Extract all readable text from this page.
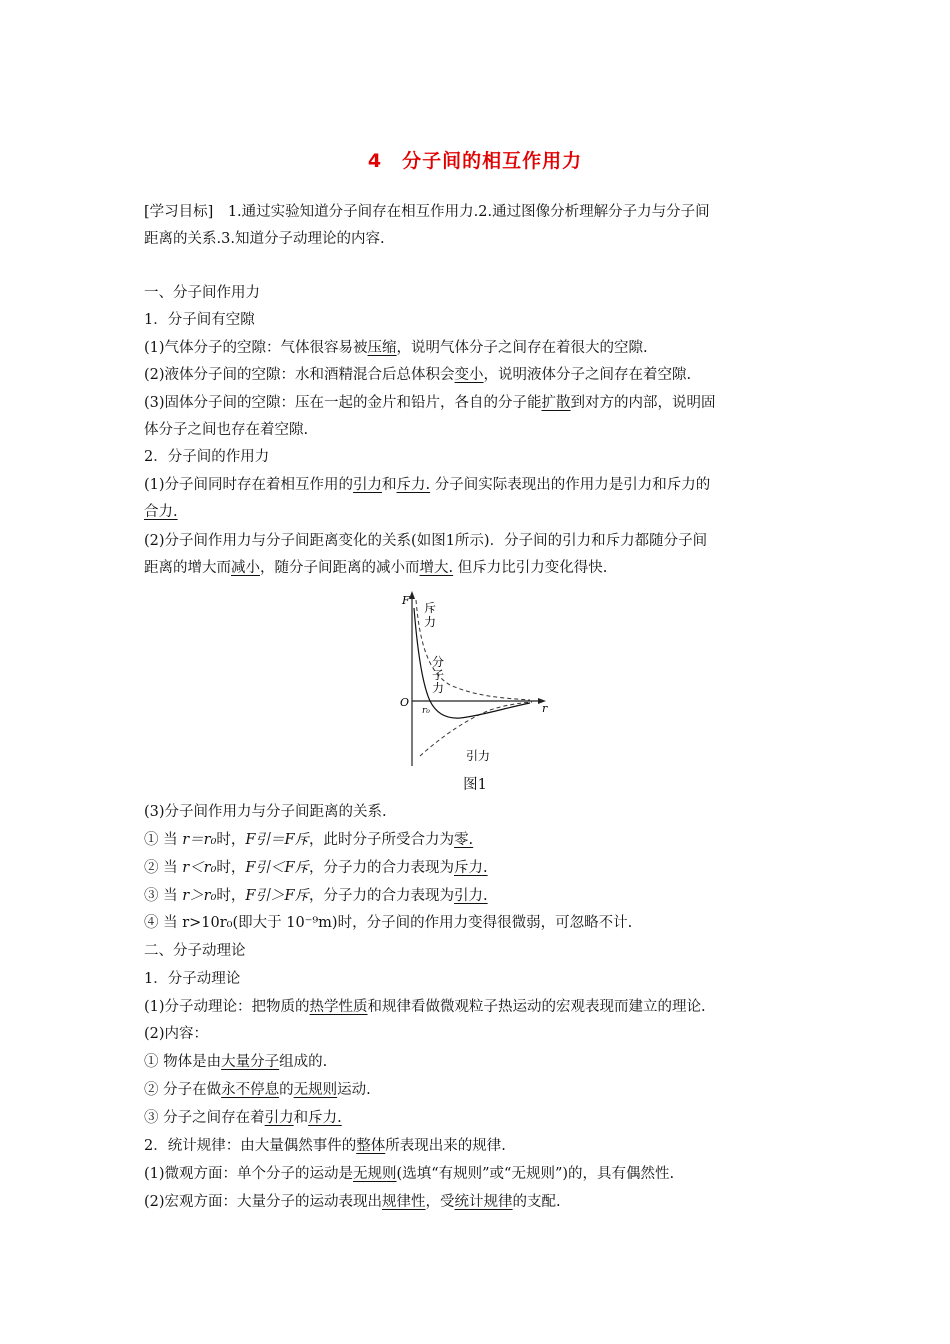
4　分子间的相互作用力
[学习目标]　1.通过实验知道分子间存在相互作用力.2.通过图像分析理解分子力与分子间
距离的关系.3.知道分子动理论的内容.
一、分子间作用力
1．分子间有空隙
(1)气体分子的空隙：气体很容易被压缩，说明气体分子之间存在着很大的空隙.
(2)液体分子间的空隙：水和酒精混合后总体积会变小，说明液体分子之间存在着空隙.
(3)固体分子间的空隙：压在一起的金片和铅片，各自的分子能扩散到对方的内部，说明固
体分子之间也存在着空隙.
2．分子间的作用力
(1)分子间同时存在着相互作用的引力和斥力. 分子间实际表现出的作用力是引力和斥力的
合力.
(2)分子间作用力与分子间距离变化的关系(如图1所示)．分子间的引力和斥力都随分子间
距离的增大而减小，随分子间距离的减小而增大. 但斥力比引力变化得快.
F
O	r
r₀
斥
力
分
子
力
引力
图1
(3)分子间作用力与分子间距离的关系.
① 当 r＝r₀时，F引＝F斥，此时分子所受合力为零.
② 当 r＜r₀时，F引＜F斥，分子力的合力表现为斥力.
③ 当 r＞r₀时，F引＞F斥，分子力的合力表现为引力.
④ 当 r>10r₀(即大于 10⁻⁹m)时，分子间的作用力变得很微弱，可忽略不计.
二、分子动理论
1．分子动理论
(1)分子动理论：把物质的热学性质和规律看做微观粒子热运动的宏观表现而建立的理论.
(2)内容：
① 物体是由大量分子组成的.
② 分子在做永不停息的无规则运动.
③ 分子之间存在着引力和斥力.
2．统计规律：由大量偶然事件的整体所表现出来的规律.
(1)微观方面：单个分子的运动是无规则(选填“有规则”或“无规则”)的，具有偶然性.
(2)宏观方面：大量分子的运动表现出规律性，受统计规律的支配.
